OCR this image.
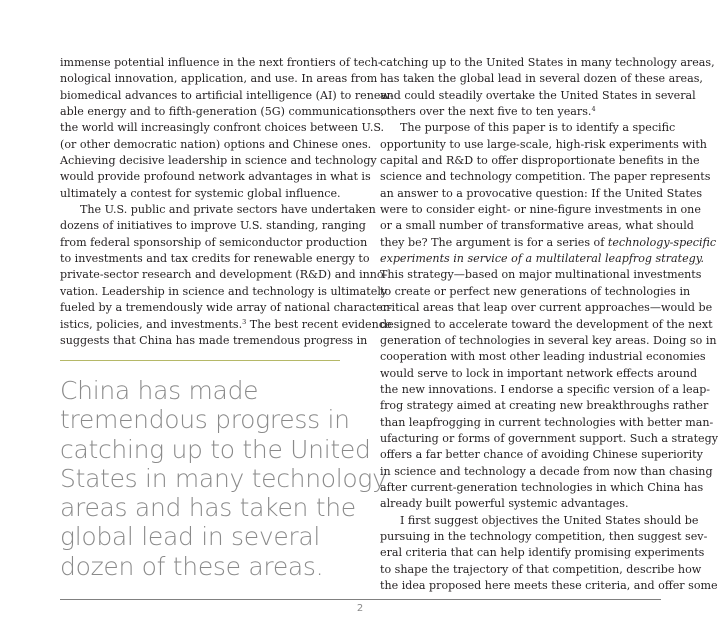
immense potential influence in the next frontiers of tech-
nological innovation, application, and use. In areas from
biomedical advances to artificial intelligence (AI) to renew-
able energy and to fifth-generation (5G) communications,
the world will increasingly confront choices between U.S.
(or other democratic nation) options and Chinese ones.
Achieving decisive leadership in science and technology
would provide profound network advantages in what is
ultimately a contest for systemic global influence.
The U.S. public and private sectors have undertaken
dozens of initiatives to improve U.S. standing, ranging
from federal sponsorship of semiconductor production
to investments and tax credits for renewable energy to
private-sector research and development (R&D) and inno-
vation. Leadership in science and technology is ultimately
fueled by a tremendously wide array of national character-
istics, policies, and investments.$^3$ The best recent evidence
suggests that China has made tremendous progress in
China has made
tremendous progress in
catching up to the United
States in many technology
areas and has taken the
global lead in several
dozen of these areas.
catching up to the United States in many technology areas,
has taken the global lead in several dozen of these areas,
and could steadily overtake the United States in several
others over the next five to ten years.$^4$
The purpose of this paper is to identify a specific
opportunity to use large-scale, high-risk experiments with
capital and R&D to offer disproportionate benefits in the
science and technology competition. The paper represents
an answer to a provocative question: If the United States
were to consider eight- or nine-figure investments in one
or a small number of transformative areas, what should
they be? The argument is for a series of technology-specific
experiments in service of a multilateral leapfrog strategy.
This strategy—based on major multinational investments
to create or perfect new generations of technologies in
critical areas that leap over current approaches—would be
designed to accelerate toward the development of the next
generation of technologies in several key areas. Doing so in
cooperation with most other leading industrial economies
would serve to lock in important network effects around
the new innovations. I endorse a specific version of a leap-
frog strategy aimed at creating new breakthroughs rather
than leapfrogging in current technologies with better man-
ufacturing or forms of government support. Such a strategy
offers a far better chance of avoiding Chinese superiority
in science and technology a decade from now than chasing
after current-generation technologies in which China has
already built powerful systemic advantages.
I first suggest objectives the United States should be
pursuing in the technology competition, then suggest sev-
eral criteria that can help identify promising experiments
to shape the trajectory of that competition, describe how
the idea proposed here meets these criteria, and offer some
2
